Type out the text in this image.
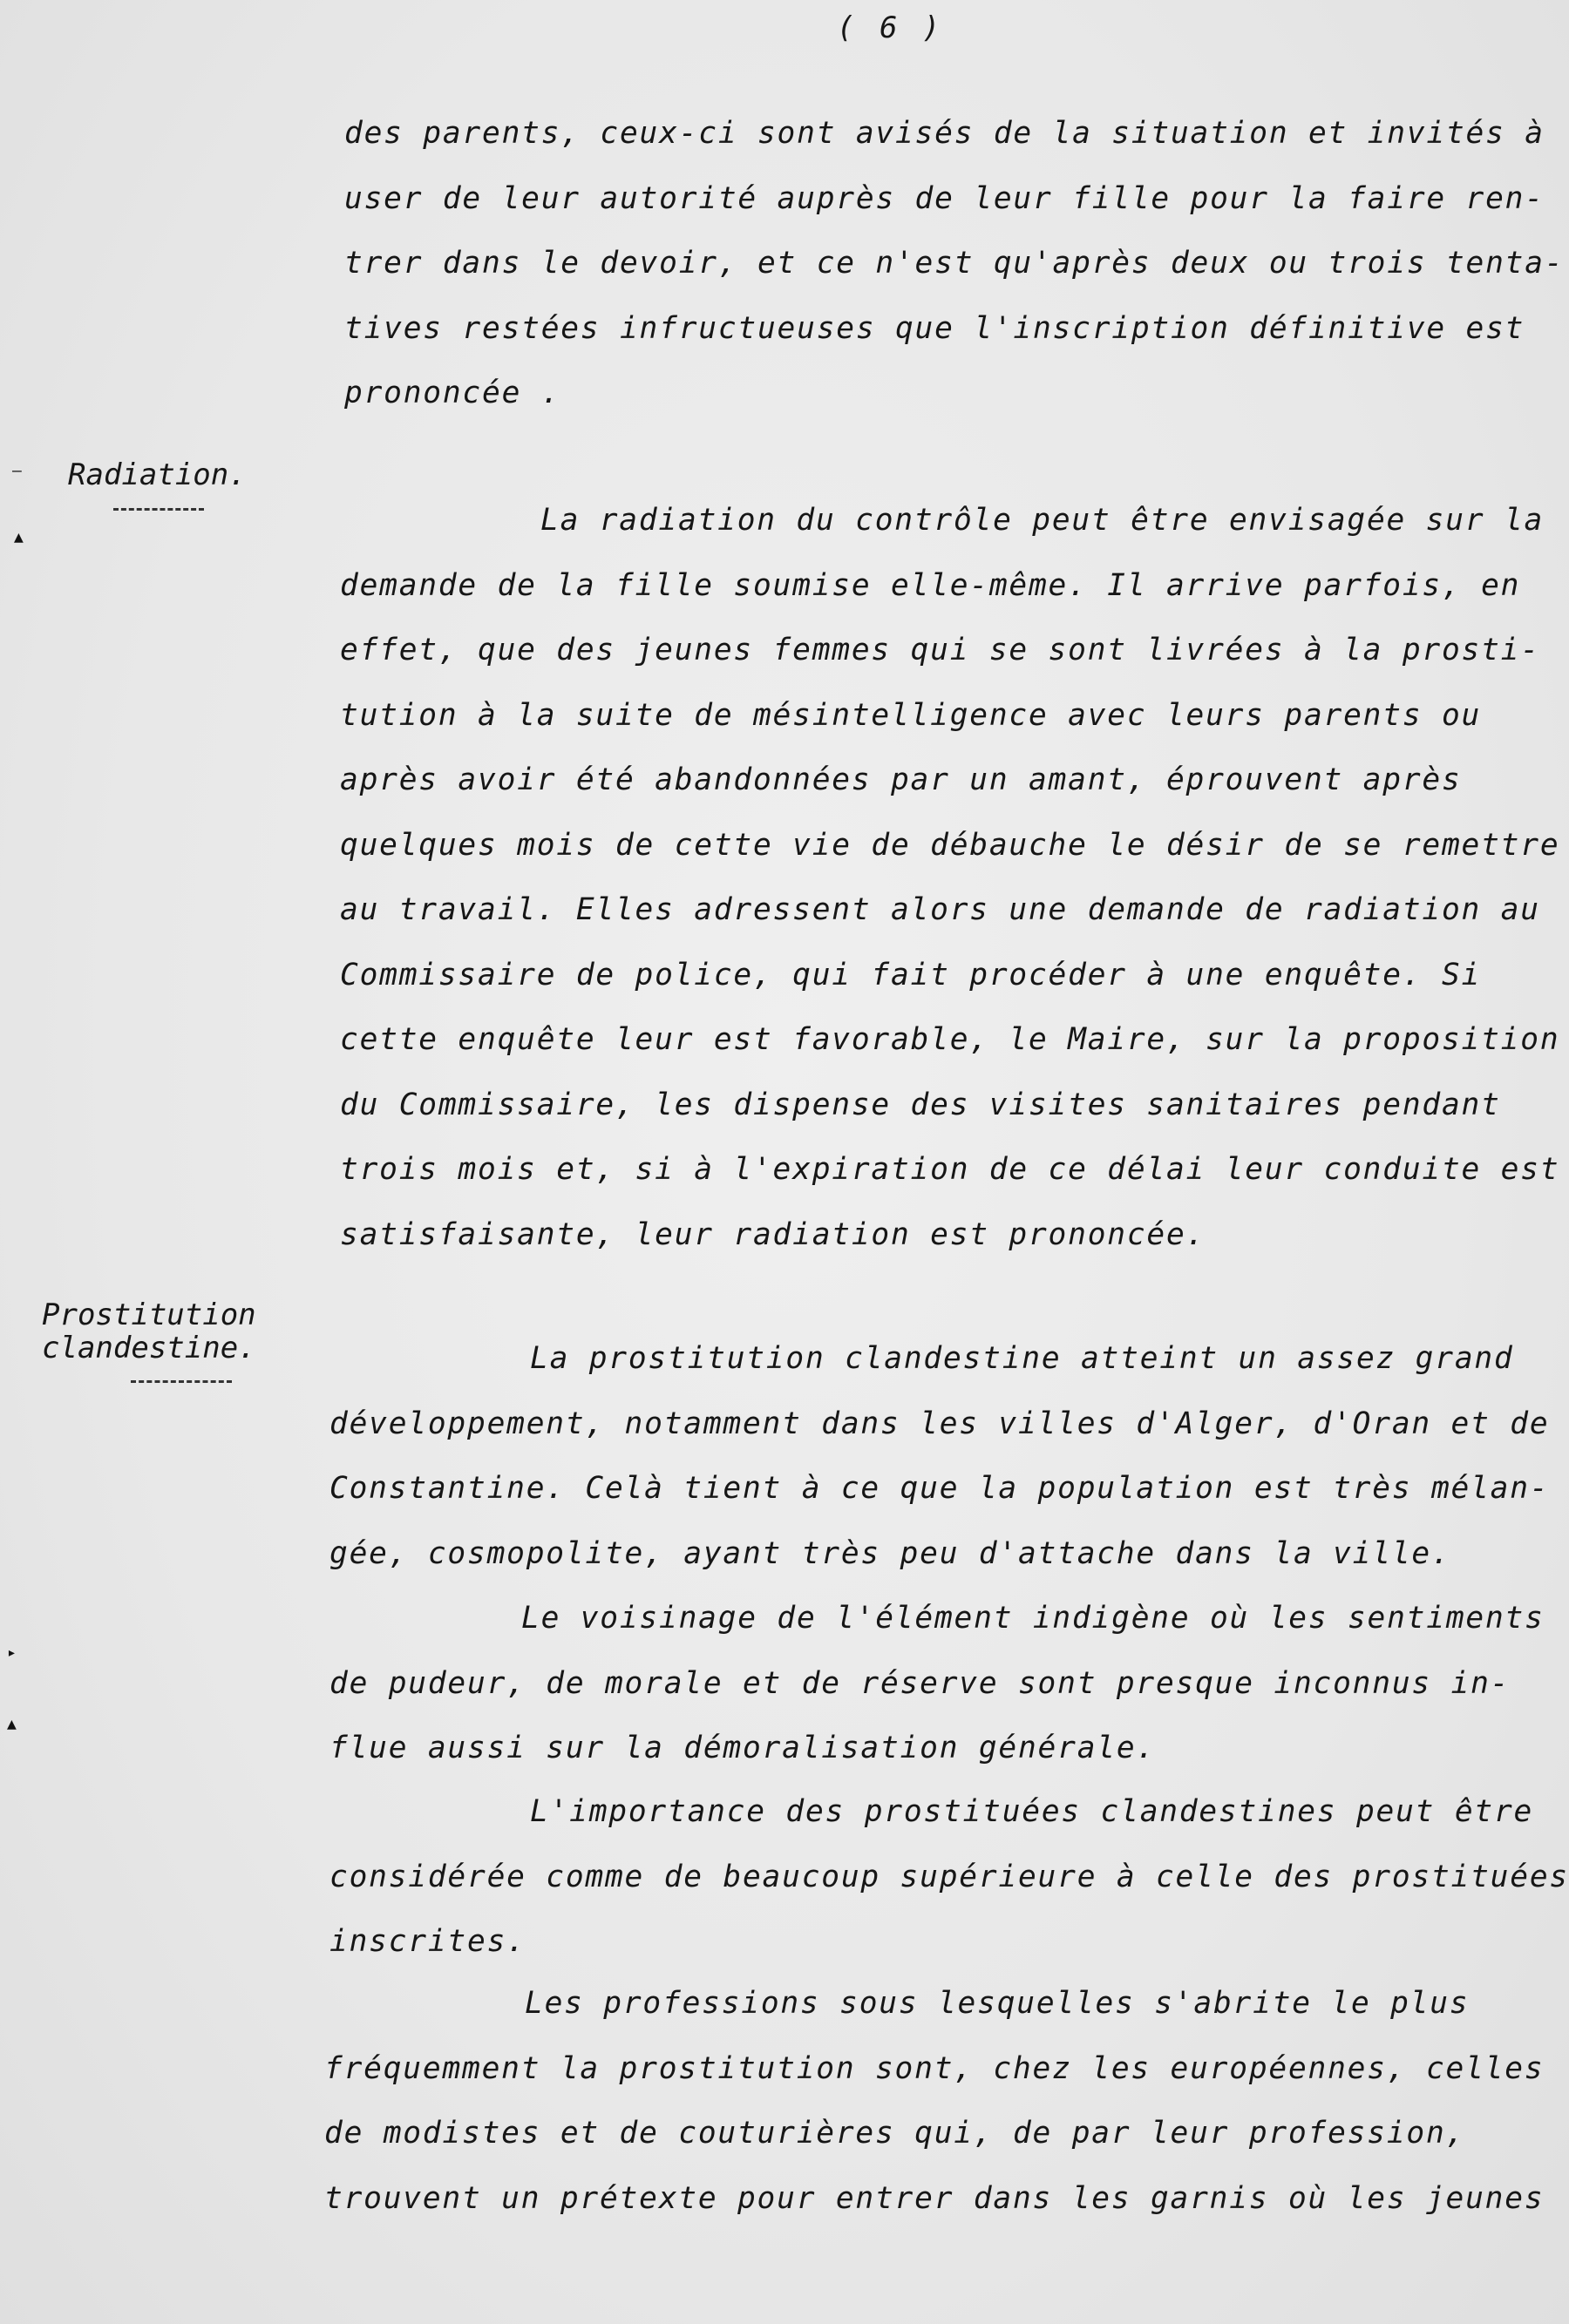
( 6 )
– Radiation.
▲
Prostitution
clandestine.
▸
▲
des parents, ceux-ci sont avisés de la situation et invités à
user de leur autorité auprès de leur fille pour la faire ren-
trer dans le devoir, et ce n'est qu'après deux ou trois tenta-
tives restées infructueuses que l'inscription définitive est
prononcée .
La radiation du contrôle peut être envisagée sur la
demande de la fille soumise elle-même. Il arrive parfois, en
effet, que des jeunes femmes qui se sont livrées à la prosti-
tution à la suite de mésintelligence avec leurs parents ou
après avoir été abandonnées par un amant, éprouvent après
quelques mois de cette vie de débauche le désir de se remettre
au travail. Elles adressent alors une demande de radiation au
Commissaire de police, qui fait procéder à une enquête. Si
cette enquête leur est favorable, le Maire, sur la proposition
du Commissaire, les dispense des visites sanitaires pendant
trois mois et, si à l'expiration de ce délai leur conduite est
satisfaisante, leur radiation est prononcée.
La prostitution clandestine atteint un assez grand
développement, notamment dans les villes d'Alger, d'Oran et de
Constantine. Celà tient à ce que la population est très mélan-
gée, cosmopolite, ayant très peu d'attache dans la ville.
Le voisinage de l'élément indigène où les sentiments
de pudeur, de morale et de réserve sont presque inconnus in-
flue aussi sur la démoralisation générale.
L'importance des prostituées clandestines peut être
considérée comme de beaucoup supérieure à celle des prostituées
inscrites.
Les professions sous lesquelles s'abrite le plus
fréquemment la prostitution sont, chez les européennes, celles
de modistes et de couturières qui, de par leur profession,
trouvent un prétexte pour entrer dans les garnis où les jeunes
